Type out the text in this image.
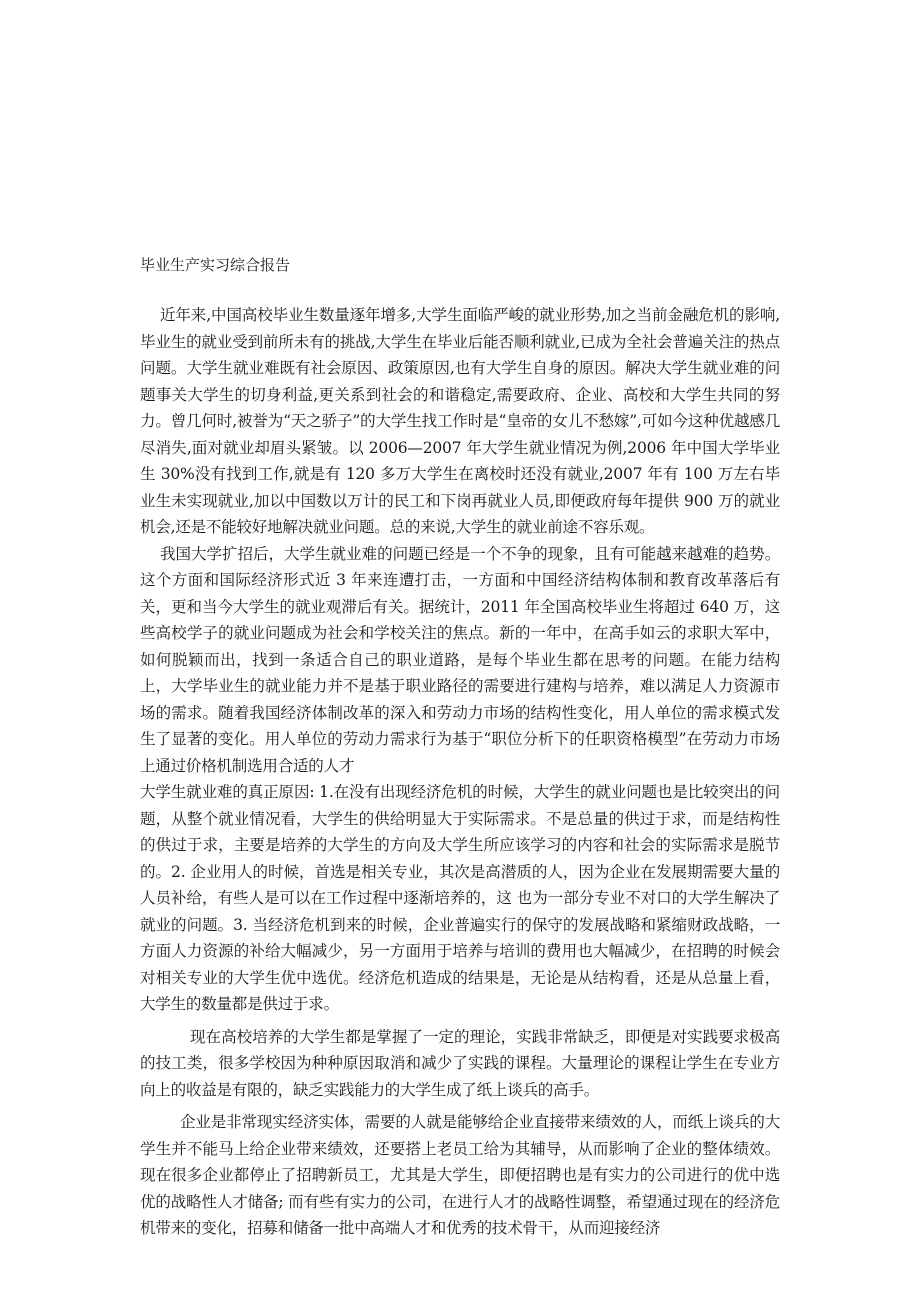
毕业生产实习综合报告

近年来,中国高校毕业生数量逐年增多,大学生面临严峻的就业形势,加之当前金融危机的影响,毕业生的就业受到前所未有的挑战,大学生在毕业后能否顺利就业,已成为全社会普遍关注的热点问题。大学生就业难既有社会原因、政策原因,也有大学生自身的原因。解决大学生就业难的问题事关大学生的切身利益,更关系到社会的和谐稳定,需要政府、企业、高校和大学生共同的努力。曾几何时,被誉为“天之骄子”的大学生找工作时是“皇帝的女儿不愁嫁”,可如今这种优越感几尽消失,面对就业却眉头紧皱。以 2006—2007 年大学生就业情况为例,2006 年中国大学毕业生 30%没有找到工作,就是有 120 多万大学生在离校时还没有就业,2007 年有 100 万左右毕业生未实现就业,加以中国数以万计的民工和下岗再就业人员,即便政府每年提供 900 万的就业机会,还是不能较好地解决就业问题。总的来说,大学生的就业前途不容乐观。

我国大学扩招后，大学生就业难的问题已经是一个不争的现象，且有可能越来越难的趋势。这个方面和国际经济形式近 3 年来连遭打击，一方面和中国经济结构体制和教育改革落后有关，更和当今大学生的就业观滞后有关。据统计，2011 年全国高校毕业生将超过 640 万，这些高校学子的就业问题成为社会和学校关注的焦点。新的一年中，在高手如云的求职大军中，如何脱颖而出，找到一条适合自己的职业道路，是每个毕业生都在思考的问题。在能力结构上，大学毕业生的就业能力并不是基于职业路径的需要进行建构与培养，难以满足人力资源市场的需求。随着我国经济体制改革的深入和劳动力市场的结构性变化，用人单位的需求模式发生了显著的变化。用人单位的劳动力需求行为基于“职位分析下的任职资格模型”在劳动力市场上通过价格机制选用合适的人才

大学生就业难的真正原因: 1.在没有出现经济危机的时候，大学生的就业问题也是比较突出的问题，从整个就业情况看，大学生的供给明显大于实际需求。不是总量的供过于求，而是结构性的供过于求，主要是培养的大学生的方向及大学生所应该学习的内容和社会的实际需求是脱节的。2. 企业用人的时候，首选是相关专业，其次是高潜质的人，因为企业在发展期需要大量的人员补给，有些人是可以在工作过程中逐渐培养的，这 也为一部分专业不对口的大学生解决了就业的问题。3. 当经济危机到来的时候，企业普遍实行的保守的发展战略和紧缩财政战略，一方面人力资源的补给大幅减少，另一方面用于培养与培训的费用也大幅减少，在招聘的时候会对相关专业的大学生优中选优。经济危机造成的结果是，无论是从结构看，还是从总量上看，大学生的数量都是供过于求。

现在高校培养的大学生都是掌握了一定的理论，实践非常缺乏，即便是对实践要求极高的技工类，很多学校因为种种原因取消和减少了实践的课程。大量理论的课程让学生在专业方向上的收益是有限的，缺乏实践能力的大学生成了纸上谈兵的高手。

企业是非常现实经济实体，需要的人就是能够给企业直接带来绩效的人，而纸上谈兵的大学生并不能马上给企业带来绩效，还要搭上老员工给为其辅导，从而影响了企业的整体绩效。现在很多企业都停止了招聘新员工，尤其是大学生，即便招聘也是有实力的公司进行的优中选优的战略性人才储备; 而有些有实力的公司，在进行人才的战略性调整，希望通过现在的经济危机带来的变化，招募和储备一批中高端人才和优秀的技术骨干，从而迎接经济
